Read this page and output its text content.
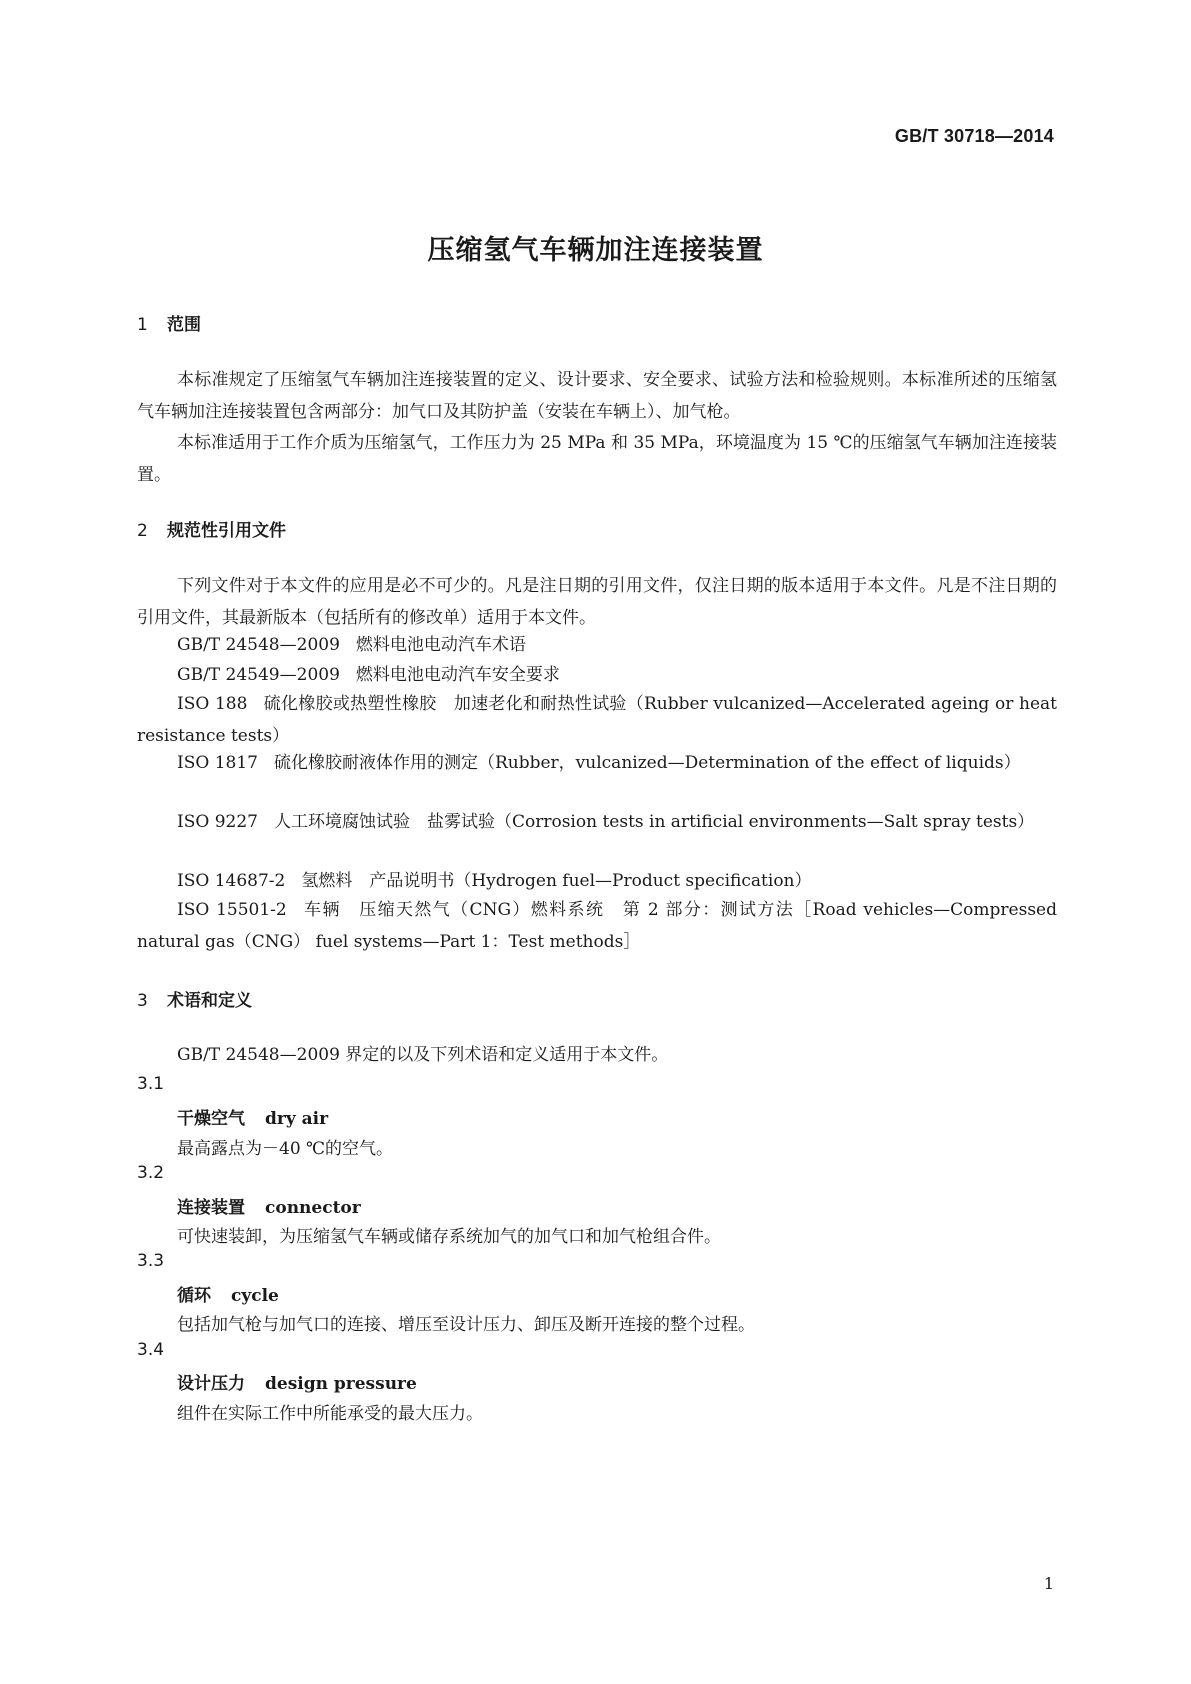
GB/T 30718—2014
压缩氢气车辆加注连接装置
1 范围
本标准规定了压缩氢气车辆加注连接装置的定义、设计要求、安全要求、试验方法和检验规则。本标准所述的压缩氢气车辆加注连接装置包含两部分：加气口及其防护盖（安装在车辆上）、加气枪。
本标准适用于工作介质为压缩氢气，工作压力为 25 MPa 和 35 MPa，环境温度为 15 ℃的压缩氢气车辆加注连接装置。
2 规范性引用文件
下列文件对于本文件的应用是必不可少的。凡是注日期的引用文件，仅注日期的版本适用于本文件。凡是不注日期的引用文件，其最新版本（包括所有的修改单）适用于本文件。
GB/T 24548—2009 燃料电池电动汽车术语
GB/T 24549—2009 燃料电池电动汽车安全要求
ISO 188 硫化橡胶或热塑性橡胶　加速老化和耐热性试验（Rubber vulcanized—Accelerated ageing or heat resistance tests）
ISO 1817 硫化橡胶耐液体作用的测定（Rubber，vulcanized—Determination of the effect of liquids）
ISO 9227 人工环境腐蚀试验　盐雾试验（Corrosion tests in artificial environments—Salt spray tests）
ISO 14687-2 氢燃料　产品说明书（Hydrogen fuel—Product specification）
ISO 15501-2 车辆　压缩天然气（CNG）燃料系统　第 2 部分：测试方法［Road vehicles—Compressed natural gas（CNG） fuel systems—Part 1：Test methods］
3 术语和定义
GB/T 24548—2009 界定的以及下列术语和定义适用于本文件。
3.1
干燥空气 dry air
最高露点为－40 ℃的空气。
3.2
连接装置 connector
可快速装卸，为压缩氢气车辆或储存系统加气的加气口和加气枪组合件。
3.3
循环 cycle
包括加气枪与加气口的连接、增压至设计压力、卸压及断开连接的整个过程。
3.4
设计压力 design pressure
组件在实际工作中所能承受的最大压力。
1
